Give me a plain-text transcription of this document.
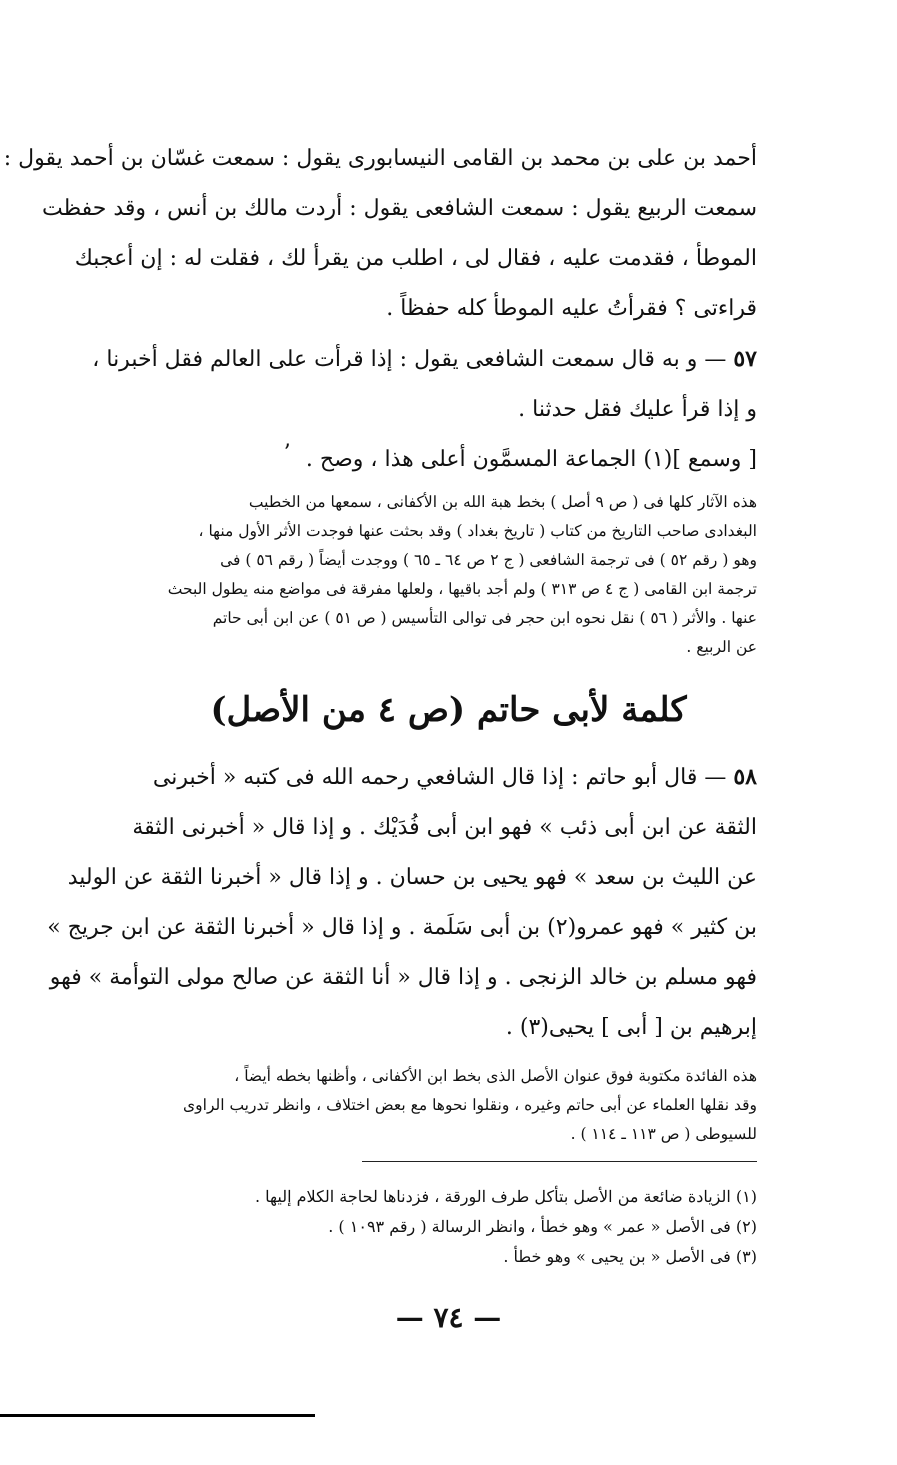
أحمد بن على بن محمد بن القامى النيسابورى يقول : سمعت غسّان بن أحمد يقول :
سمعت الربيع يقول : سمعت الشافعى يقول : أردت مالك بن أنس ، وقد حفظت
الموطأ ، فقدمت عليه ، فقال لى ، اطلب من يقرأ لك ، فقلت له : إن أعجبك
قراءتى ؟ فقرأتُ عليه الموطأ كله حفظاً .
٥٧ — و به قال سمعت الشافعى يقول : إذا قرأت على العالم فقل أخبرنا ،
و إذا قرأ عليك فقل حدثنا .
[ وسمع ](١) الجماعة المسمَّون أعلى هذا ، وصح .
ʼ
هذه الآثار كلها فى ( ص ٩ أصل ) بخط هبة الله بن الأكفانى ، سمعها من الخطيب
البغدادى صاحب التاريخ من كتاب ( تاريخ بغداد ) وقد بحثت عنها فوجدت الأثر الأول منها ،
وهو ( رقم ٥٢ ) فى ترجمة الشافعى ( ج ٢ ص ٦٤ ـ ٦٥ ) ووجدت أيضاً ( رقم ٥٦ ) فى
ترجمة ابن القامى ( ج ٤ ص ٣١٣ ) ولم أجد باقيها ، ولعلها مفرقة فى مواضع منه يطول البحث
عنها . والأثر ( ٥٦ ) نقل نحوه ابن حجر فى توالى التأسيس ( ص ٥١ ) عن ابن أبى حاتم
عن الربيع .
كلمة لأبى حاتم (ص ٤ من الأصل)
٥٨ — قال أبو حاتم : إذا قال الشافعي رحمه الله فى كتبه « أخبرنى
الثقة عن ابن أبى ذئب » فهو ابن أبى فُدَيْك . و إذا قال « أخبرنى الثقة
عن الليث بن سعد » فهو يحيى بن حسان . و إذا قال « أخبرنا الثقة عن الوليد
بن كثير » فهو عمرو(٢) بن أبى سَلَمة . و إذا قال « أخبرنا الثقة عن ابن جريج »
فهو مسلم بن خالد الزنجى . و إذا قال « أنا الثقة عن صالح مولى التوأمة » فهو
إبرهيم بن [ أبى ] يحيى(٣) .
هذه الفائدة مكتوبة فوق عنوان الأصل الذى بخط ابن الأكفانى ، وأظنها بخطه أيضاً ،
وقد نقلها العلماء عن أبى حاتم وغيره ، ونقلوا نحوها مع بعض اختلاف ، وانظر تدريب الراوى
للسيوطى ( ص ١١٣ ـ ١١٤ ) .
(١) الزيادة ضائعة من الأصل بتأكل طرف الورقة ، فزدناها لحاجة الكلام إليها .
(٢) فى الأصل « عمر » وهو خطأ ، وانظر الرسالة ( رقم ١٠٩٣ ) .
(٣) فى الأصل « بن يحيى » وهو خطأ .
— ٧٤ —
